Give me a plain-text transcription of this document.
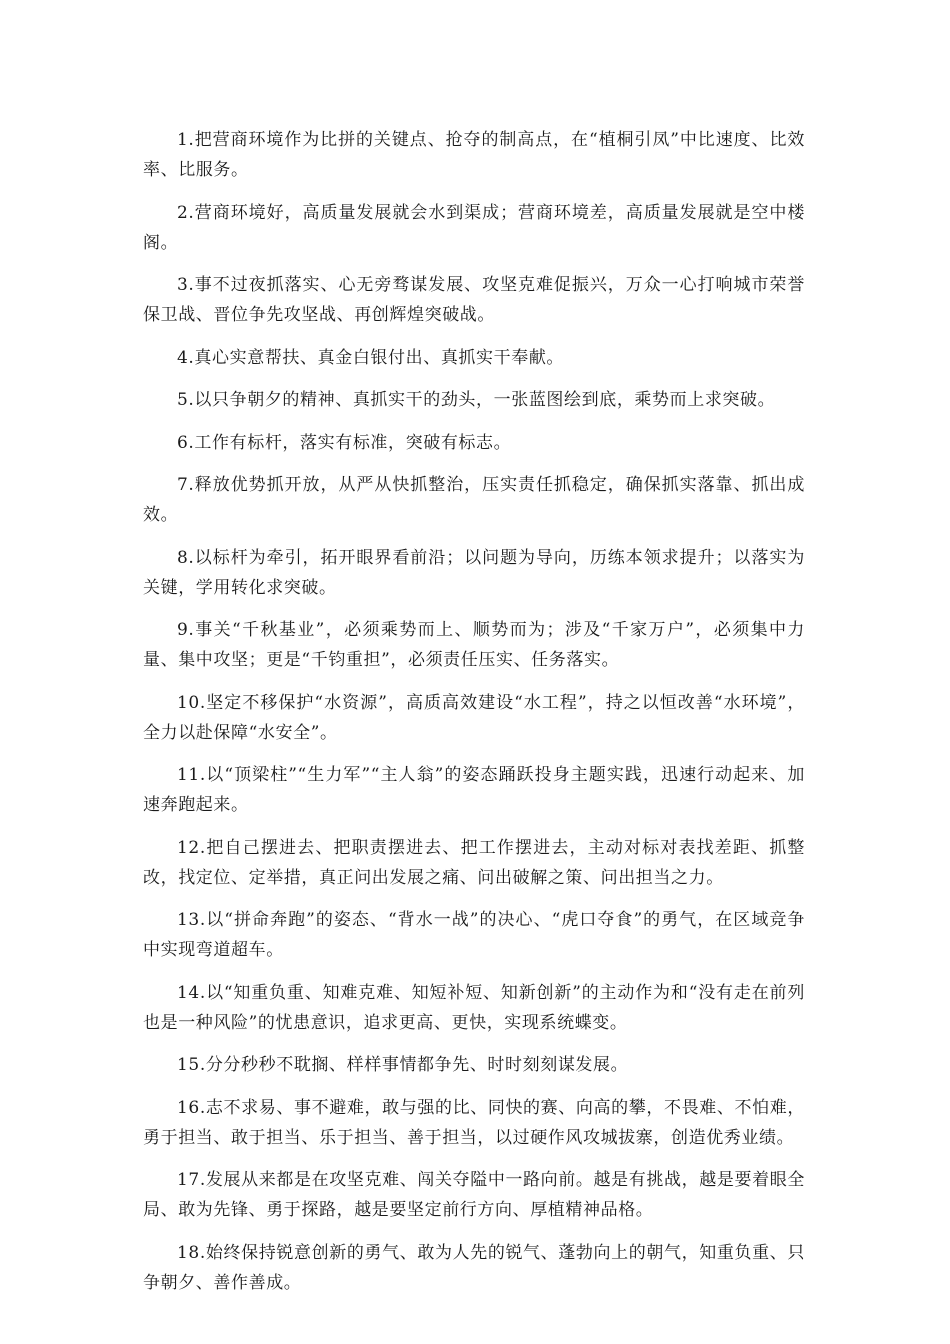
1.把营商环境作为比拼的关键点、抢夺的制高点，在“植桐引凤”中比速度、比效率、比服务。

2.营商环境好，高质量发展就会水到渠成；营商环境差，高质量发展就是空中楼阁。

3.事不过夜抓落实、心无旁骛谋发展、攻坚克难促振兴，万众一心打响城市荣誉保卫战、晋位争先攻坚战、再创辉煌突破战。

4.真心实意帮扶、真金白银付出、真抓实干奉献。

5.以只争朝夕的精神、真抓实干的劲头，一张蓝图绘到底，乘势而上求突破。

6.工作有标杆，落实有标准，突破有标志。

7.释放优势抓开放，从严从快抓整治，压实责任抓稳定，确保抓实落靠、抓出成效。

8.以标杆为牵引，拓开眼界看前沿；以问题为导向，历练本领求提升；以落实为关键，学用转化求突破。

9.事关“千秋基业”，必须乘势而上、顺势而为；涉及“千家万户”，必须集中力量、集中攻坚；更是“千钧重担”，必须责任压实、任务落实。

10.坚定不移保护“水资源”，高质高效建设“水工程”，持之以恒改善“水环境”，全力以赴保障“水安全”。

11.以“顶梁柱”“生力军”“主人翁”的姿态踊跃投身主题实践，迅速行动起来、加速奔跑起来。

12.把自己摆进去、把职责摆进去、把工作摆进去，主动对标对表找差距、抓整改，找定位、定举措，真正问出发展之痛、问出破解之策、问出担当之力。

13.以“拼命奔跑”的姿态、“背水一战”的决心、“虎口夺食”的勇气，在区域竞争中实现弯道超车。

14.以“知重负重、知难克难、知短补短、知新创新”的主动作为和“没有走在前列也是一种风险”的忧患意识，追求更高、更快，实现系统蝶变。

15.分分秒秒不耽搁、样样事情都争先、时时刻刻谋发展。

16.志不求易、事不避难，敢与强的比、同快的赛、向高的攀，不畏难、不怕难，勇于担当、敢于担当、乐于担当、善于担当，以过硬作风攻城拔寨，创造优秀业绩。

17.发展从来都是在攻坚克难、闯关夺隘中一路向前。越是有挑战，越是要着眼全局、敢为先锋、勇于探路，越是要坚定前行方向、厚植精神品格。

18.始终保持锐意创新的勇气、敢为人先的锐气、蓬勃向上的朝气，知重负重、只争朝夕、善作善成。
